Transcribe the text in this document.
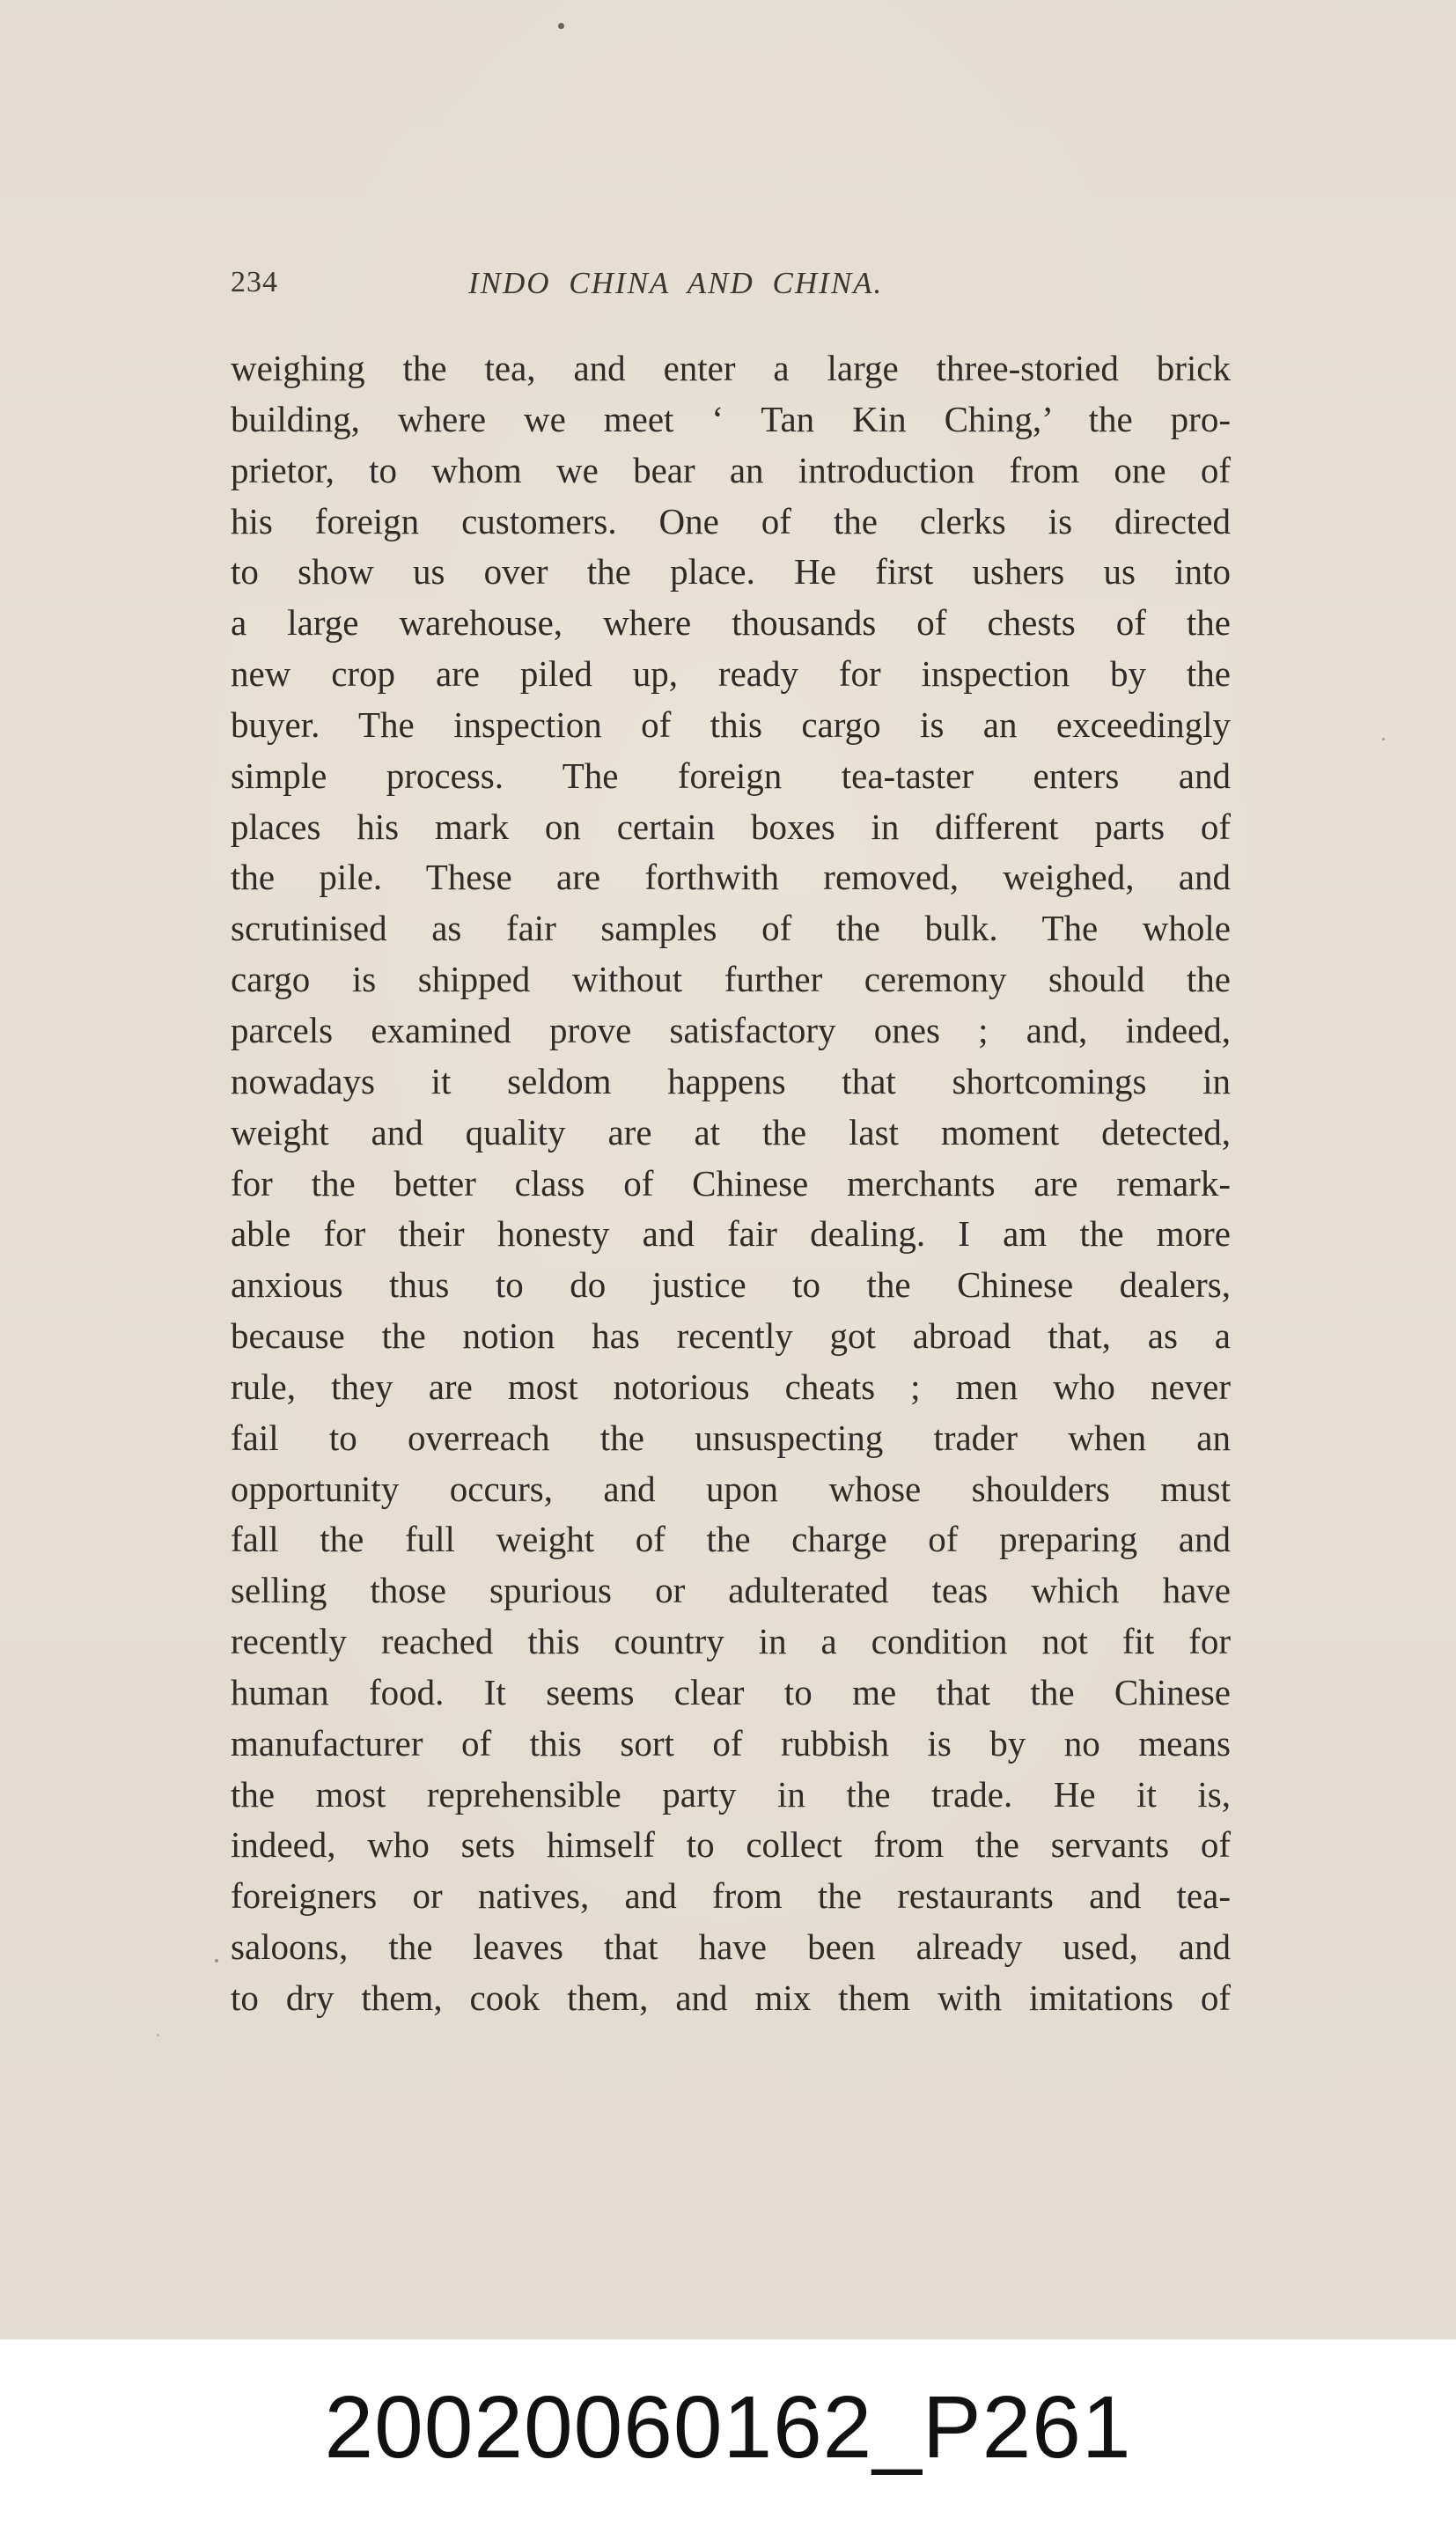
234	INDO CHINA AND CHINA.
weighing the tea, and enter a large three-storied brick
building, where we meet ‘ Tan Kin Ching,’ the pro-
prietor, to whom we bear an introduction from one of
his foreign customers. One of the clerks is directed
to show us over the place. He first ushers us into
a large warehouse, where thousands of chests of the
new crop are piled up, ready for inspection by the
buyer. The inspection of this cargo is an exceedingly
simple process. The foreign tea-taster enters and
places his mark on certain boxes in different parts of
the pile. These are forthwith removed, weighed, and
scrutinised as fair samples of the bulk. The whole
cargo is shipped without further ceremony should the
parcels examined prove satisfactory ones ; and, indeed,
nowadays it seldom happens that shortcomings in
weight and quality are at the last moment detected,
for the better class of Chinese merchants are remark-
able for their honesty and fair dealing. I am the more
anxious thus to do justice to the Chinese dealers,
because the notion has recently got abroad that, as a
rule, they are most notorious cheats ; men who never
fail to overreach the unsuspecting trader when an
opportunity occurs, and upon whose shoulders must
fall the full weight of the charge of preparing and
selling those spurious or adulterated teas which have
recently reached this country in a condition not fit for
human food. It seems clear to me that the Chinese
manufacturer of this sort of rubbish is by no means
the most reprehensible party in the trade. He it is,
indeed, who sets himself to collect from the servants of
foreigners or natives, and from the restaurants and tea-
saloons, the leaves that have been already used, and
to dry them, cook them, and mix them with imitations of
20020060162_P261
